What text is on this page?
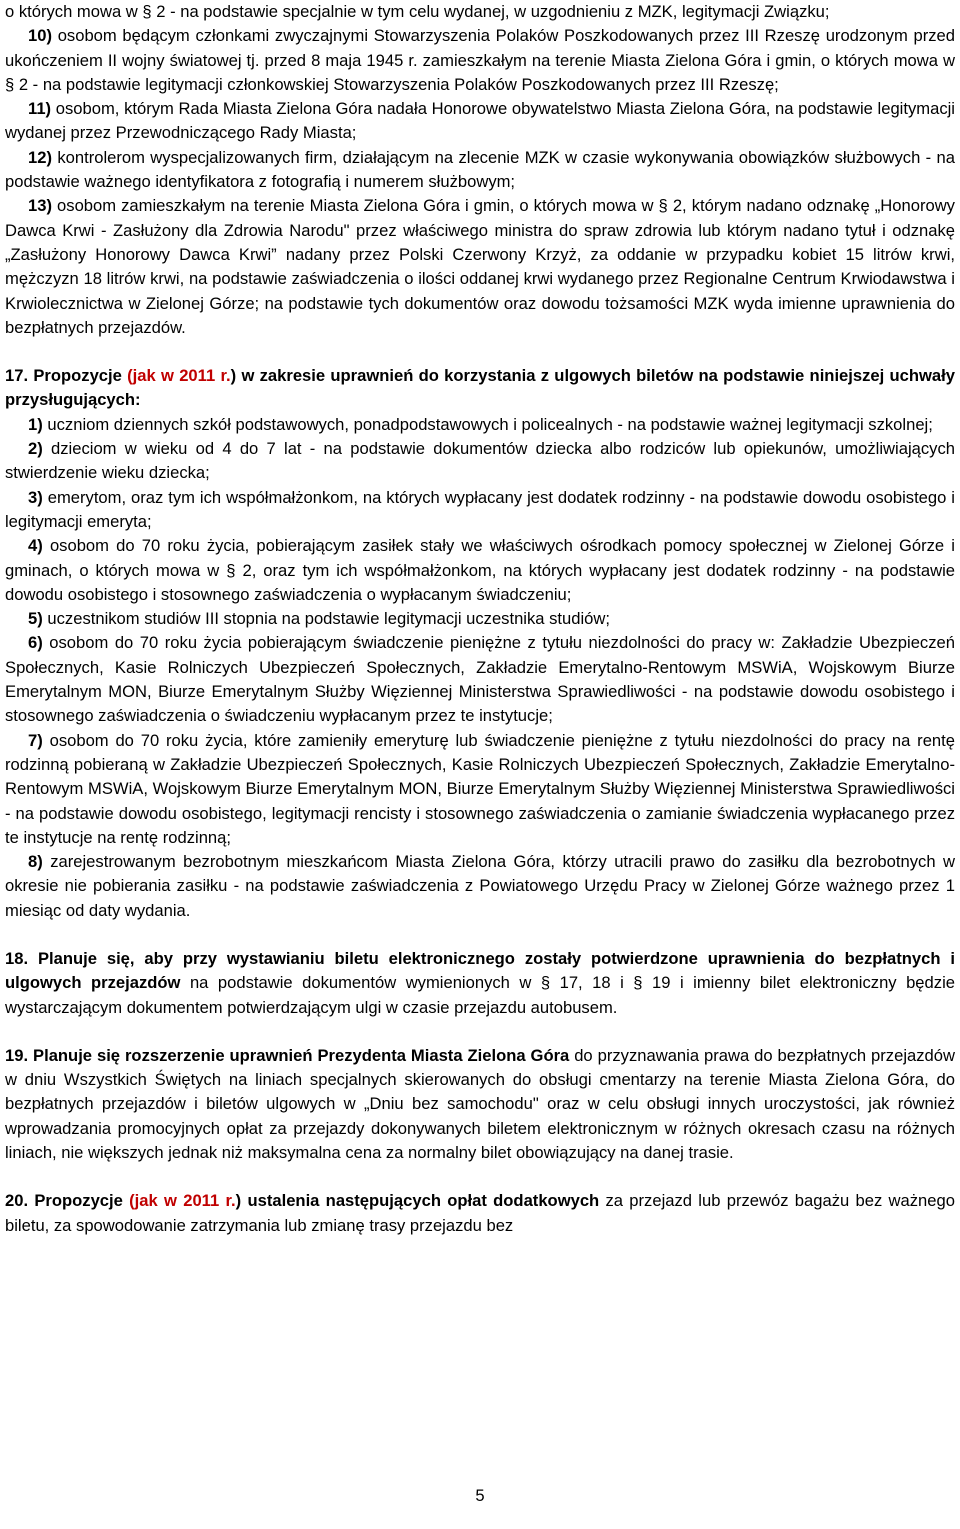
o których mowa w § 2 - na podstawie specjalnie w tym celu wydanej, w uzgodnieniu z MZK, legitymacji Związku;

10) osobom będącym członkami zwyczajnymi Stowarzyszenia Polaków Poszkodowanych przez III Rzeszę urodzonym przed ukończeniem II wojny światowej tj. przed 8 maja 1945 r. zamieszkałym na terenie Miasta Zielona Góra i gmin, o których mowa w § 2 - na podstawie legitymacji członkowskiej Stowarzyszenia Polaków Poszkodowanych przez III Rzeszę;

11) osobom, którym Rada Miasta Zielona Góra nadała Honorowe obywatelstwo Miasta Zielona Góra, na podstawie legitymacji wydanej przez Przewodniczącego Rady Miasta;

12) kontrolerom wyspecjalizowanych firm, działającym na zlecenie MZK w czasie wykonywania obowiązków służbowych - na podstawie ważnego identyfikatora z fotografią i numerem służbowym;

13) osobom zamieszkałym na terenie Miasta Zielona Góra i gmin, o których mowa w § 2, którym nadano odznakę „Honorowy Dawca Krwi - Zasłużony dla Zdrowia Narodu" przez właściwego ministra do spraw zdrowia lub którym nadano tytuł i odznakę „Zasłużony Honorowy Dawca Krwi” nadany przez Polski Czerwony Krzyż, za oddanie w przypadku kobiet 15 litrów krwi, mężczyzn 18 litrów krwi, na podstawie zaświadczenia o ilości oddanej krwi wydanego przez Regionalne Centrum Krwiodawstwa i Krwiolecznictwa w Zielonej Górze; na podstawie tych dokumentów oraz dowodu tożsamości MZK wyda imienne uprawnienia do bezpłatnych przejazdów.

17. Propozycje (jak w 2011 r.) w zakresie uprawnień do korzystania z ulgowych biletów na podstawie niniejszej uchwały przysługujących:

1) uczniom dziennych szkół podstawowych, ponadpodstawowych i policealnych - na podstawie ważnej legitymacji szkolnej;

2) dzieciom w wieku od 4 do 7 lat - na podstawie dokumentów dziecka albo rodziców lub opiekunów, umożliwiających stwierdzenie wieku dziecka;

3) emerytom, oraz tym ich współmałżonkom, na których wypłacany jest dodatek rodzinny - na podstawie dowodu osobistego i legitymacji emeryta;

4) osobom do 70 roku życia, pobierającym zasiłek stały we właściwych ośrodkach pomocy społecznej w Zielonej Górze i gminach, o których mowa w § 2, oraz tym ich współmałżonkom, na których wypłacany jest dodatek rodzinny - na podstawie dowodu osobistego i stosownego zaświadczenia o wypłacanym świadczeniu;

5) uczestnikom studiów III stopnia na podstawie legitymacji uczestnika studiów;

6) osobom do 70 roku życia pobierającym świadczenie pieniężne z tytułu niezdolności do pracy w: Zakładzie Ubezpieczeń Społecznych, Kasie Rolniczych Ubezpieczeń Społecznych, Zakładzie Emerytalno-Rentowym MSWiA, Wojskowym Biurze Emerytalnym MON, Biurze Emerytalnym Służby Więziennej Ministerstwa Sprawiedliwości - na podstawie dowodu osobistego i stosownego zaświadczenia o świadczeniu wypłacanym przez te instytucje;

7) osobom do 70 roku życia, które zamieniły emeryturę lub świadczenie pieniężne z tytułu niezdolności do pracy na rentę rodzinną pobieraną w Zakładzie Ubezpieczeń Społecznych, Kasie Rolniczych Ubezpieczeń Społecznych, Zakładzie Emerytalno-Rentowym MSWiA, Wojskowym Biurze Emerytalnym MON, Biurze Emerytalnym Służby Więziennej Ministerstwa Sprawiedliwości - na podstawie dowodu osobistego, legitymacji rencisty i stosownego zaświadczenia o zamianie świadczenia wypłacanego przez te instytucje na rentę rodzinną;

8) zarejestrowanym bezrobotnym mieszkańcom Miasta Zielona Góra, którzy utracili prawo do zasiłku dla bezrobotnych w okresie nie pobierania zasiłku - na podstawie zaświadczenia z Powiatowego Urzędu Pracy w Zielonej Górze ważnego przez 1 miesiąc od daty wydania.

18. Planuje się, aby przy wystawianiu biletu elektronicznego zostały potwierdzone uprawnienia do bezpłatnych i ulgowych przejazdów na podstawie dokumentów wymienionych w § 17, 18 i § 19 i imienny bilet elektroniczny będzie wystarczającym dokumentem potwierdzającym ulgi w czasie przejazdu autobusem.

19. Planuje się rozszerzenie uprawnień Prezydenta Miasta Zielona Góra do przyznawania prawa do bezpłatnych przejazdów w dniu Wszystkich Świętych na liniach specjalnych skierowanych do obsługi cmentarzy na terenie Miasta Zielona Góra, do bezpłatnych przejazdów i biletów ulgowych w „Dniu bez samochodu" oraz w celu obsługi innych uroczystości, jak również wprowadzania promocyjnych opłat za przejazdy dokonywanych biletem elektronicznym w różnych okresach czasu na różnych liniach, nie większych jednak niż maksymalna cena za normalny bilet obowiązujący na danej trasie.

20. Propozycje (jak w 2011 r.) ustalenia następujących opłat dodatkowych za przejazd lub przewóz bagażu bez ważnego biletu, za spowodowanie zatrzymania lub zmianę trasy przejazdu bez

5
